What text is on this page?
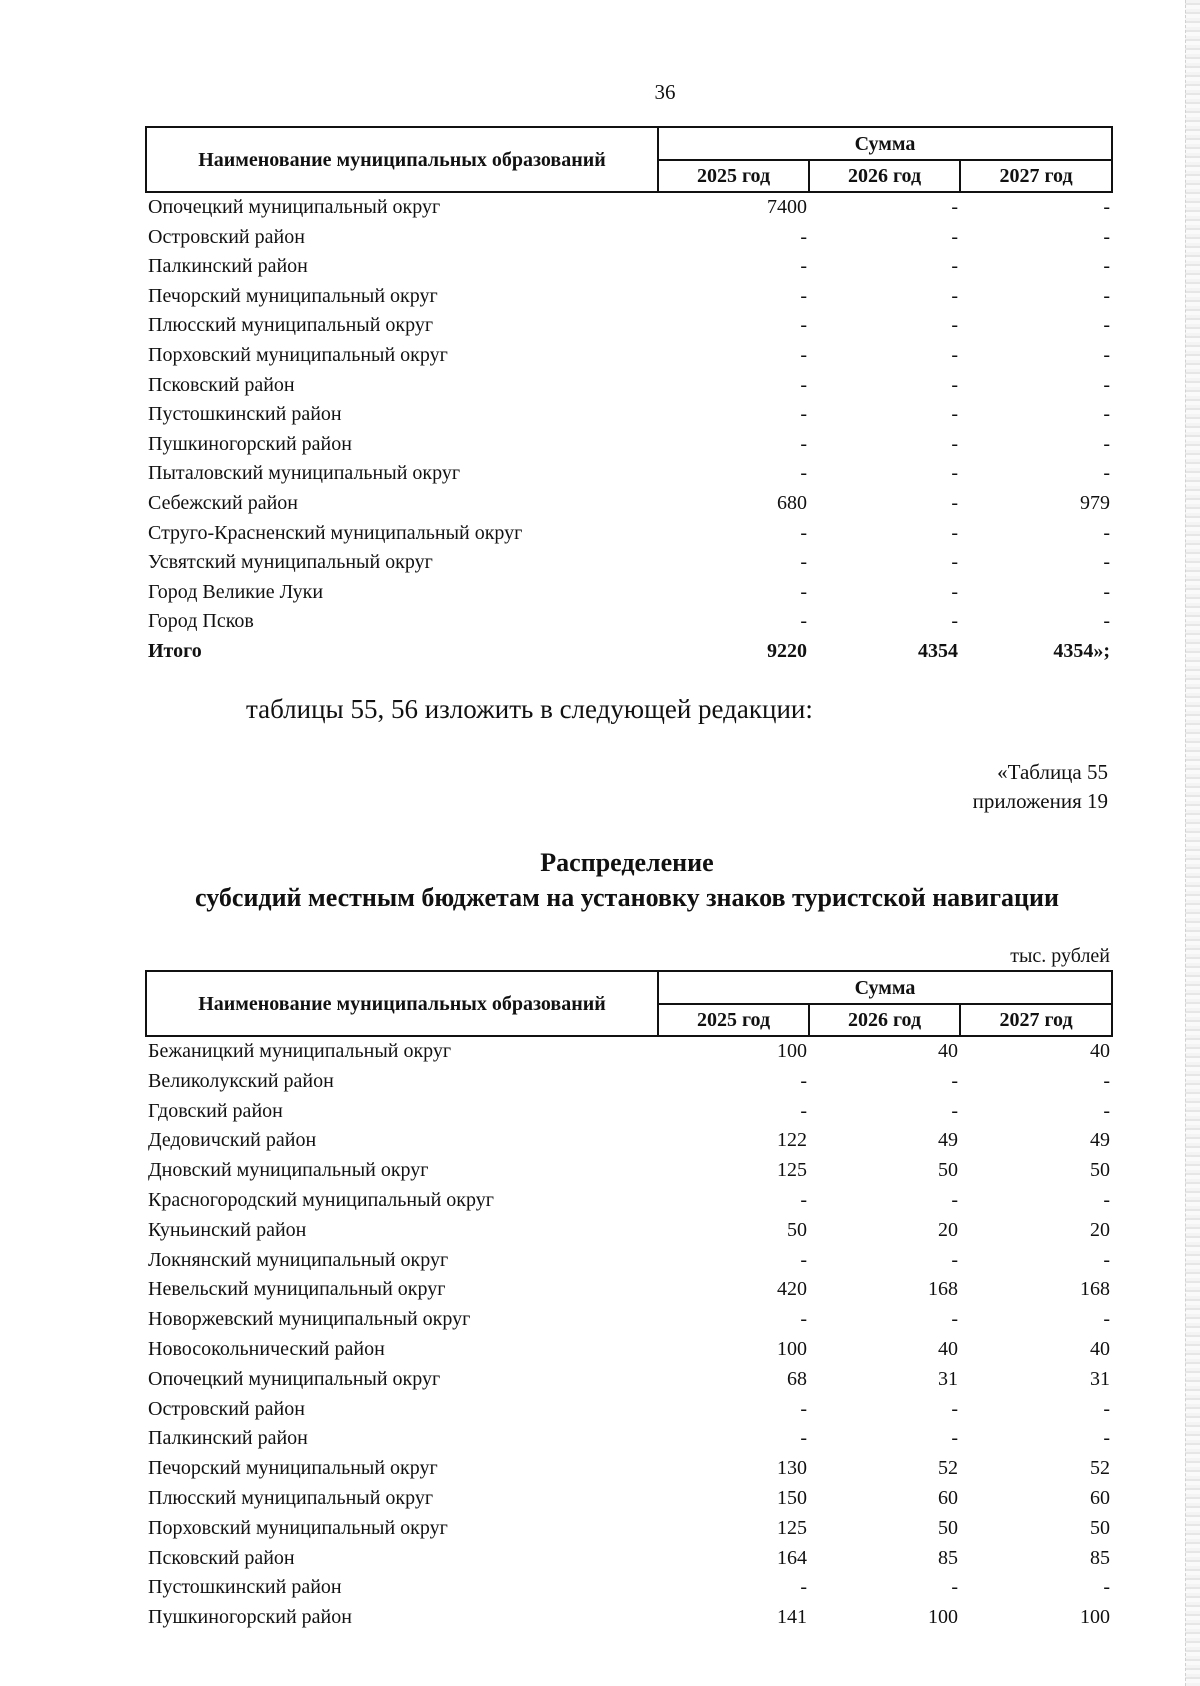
36
Наименование муниципальных образований	Сумма		
	2025 год	2026 год	2027 год
Опочецкий муниципальный округ	7400	-	-
Островский район	-	-	-
Палкинский район	-	-	-
Печорский муниципальный округ	-	-	-
Плюсский муниципальный округ	-	-	-
Порховский муниципальный округ	-	-	-
Псковский район	-	-	-
Пустошкинский район	-	-	-
Пушкиногорский район	-	-	-
Пыталовский муниципальный округ	-	-	-
Себежский район	680	-	979
Струго-Красненский муниципальный округ	-	-	-
Усвятский муниципальный округ	-	-	-
Город Великие Луки	-	-	-
Город Псков	-	-	-
Итого	9220	4354	4354»;
таблицы 55, 56 изложить в следующей редакции:
«Таблица 55
приложения 19
Распределение
субсидий местным бюджетам на установку знаков туристской навигации
тыс. рублей
Наименование муниципальных образований	Сумма		
	2025 год	2026 год	2027 год
Бежаницкий муниципальный округ	100	40	40
Великолукский район	-	-	-
Гдовский район	-	-	-
Дедовичский район	122	49	49
Дновский муниципальный округ	125	50	50
Красногородский муниципальный округ	-	-	-
Куньинский район	50	20	20
Локнянский муниципальный округ	-	-	-
Невельский муниципальный округ	420	168	168
Новоржевский муниципальный округ	-	-	-
Новосокольнический район	100	40	40
Опочецкий муниципальный округ	68	31	31
Островский район	-	-	-
Палкинский район	-	-	-
Печорский муниципальный округ	130	52	52
Плюсский муниципальный округ	150	60	60
Порховский муниципальный округ	125	50	50
Псковский район	164	85	85
Пустошкинский район	-	-	-
Пушкиногорский район	141	100	100
